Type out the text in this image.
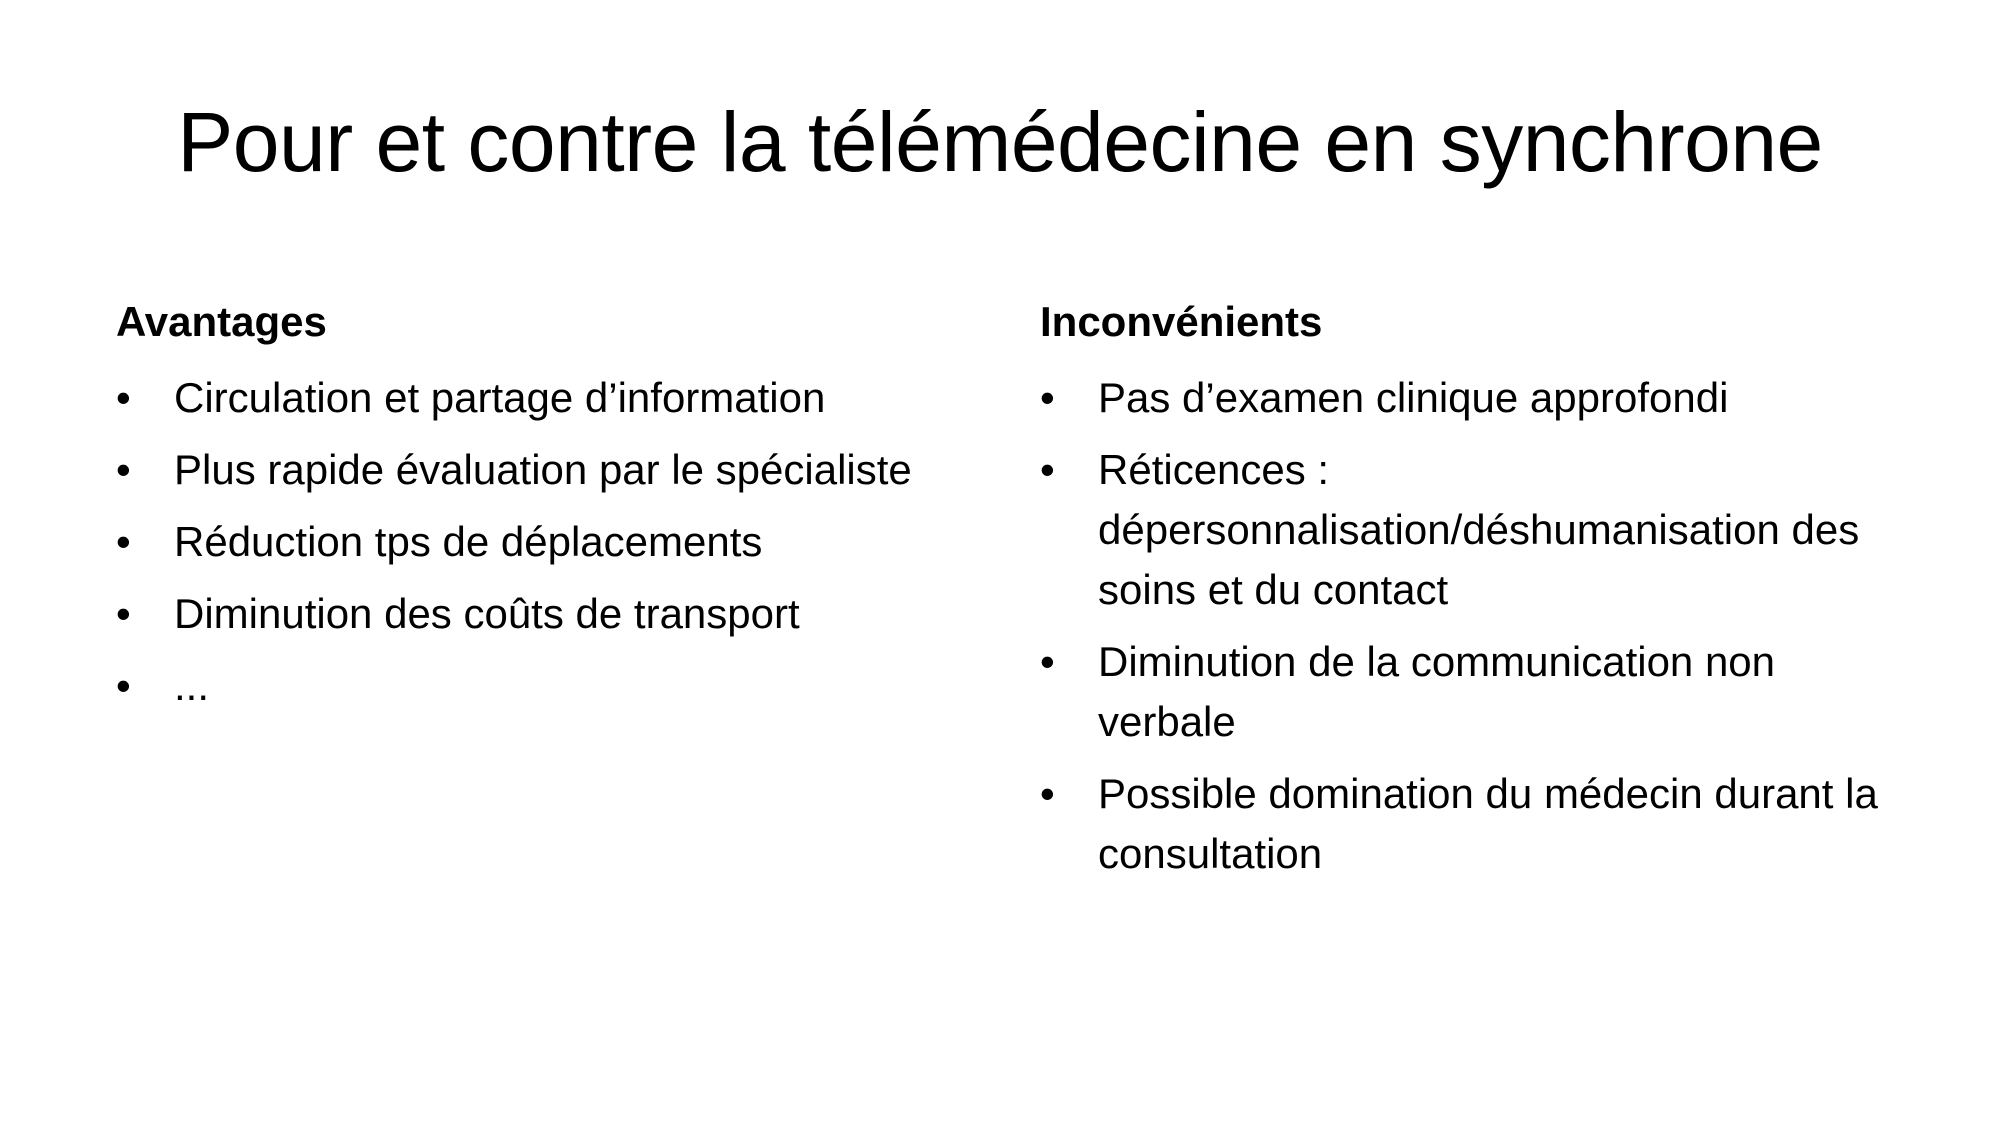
Pour et contre la télémédecine en synchrone
Avantages
•	Circulation et partage d’information
•	Plus rapide évaluation par le spécialiste
•	Réduction tps de déplacements
•	Diminution des coûts de transport
•	...
Inconvénients
•	Pas d’examen clinique approfondi
•	Réticences : dépersonnalisation/déshumanisation des soins et du contact
•	Diminution de la communication non verbale
•	Possible domination du médecin durant la consultation
